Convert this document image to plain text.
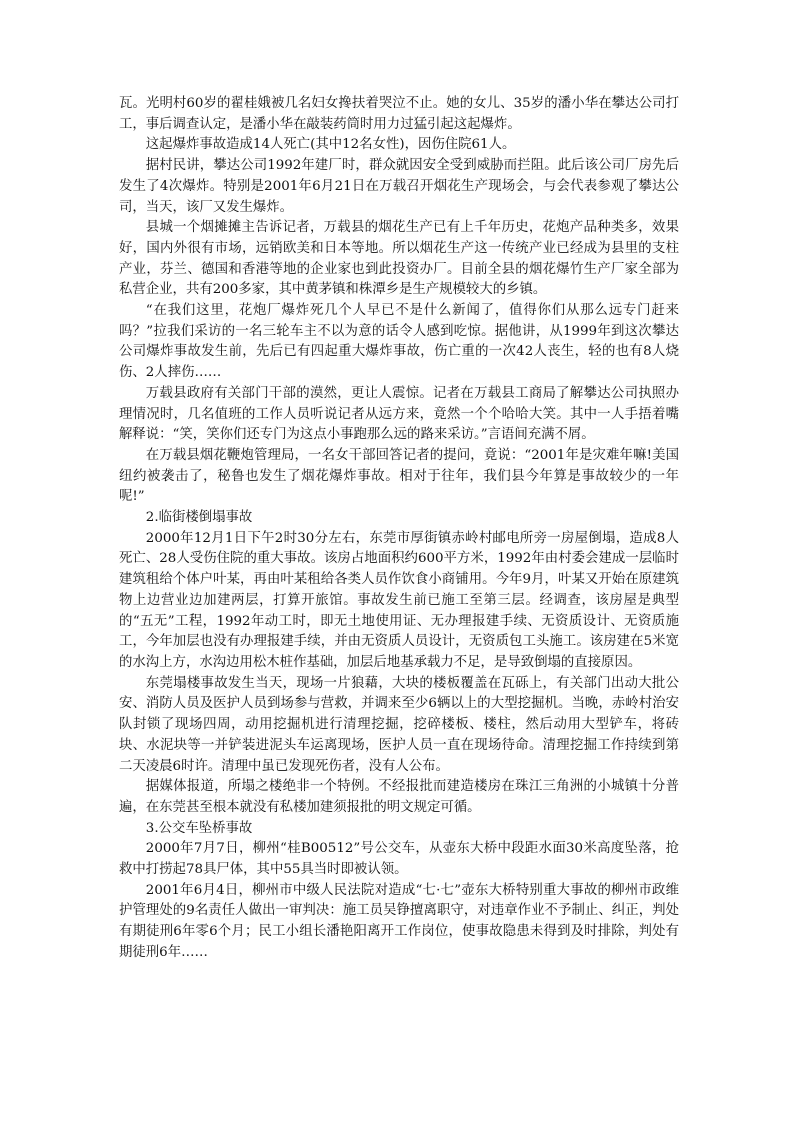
瓦。光明村60岁的翟桂娥被几名妇女搀扶着哭泣不止。她的女儿、35岁的潘小华在攀达公司打工，事后调查认定，是潘小华在敲装药筒时用力过猛引起这起爆炸。

这起爆炸事故造成14人死亡(其中12名女性)，因伤住院61人。

据村民讲，攀达公司1992年建厂时，群众就因安全受到威胁而拦阻。此后该公司厂房先后发生了4次爆炸。特别是2001年6月21日在万载召开烟花生产现场会，与会代表参观了攀达公司，当天，该厂又发生爆炸。

县城一个烟摊摊主告诉记者，万载县的烟花生产已有上千年历史，花炮产品种类多，效果好，国内外很有市场，远销欧美和日本等地。所以烟花生产这一传统产业已经成为县里的支柱产业，芬兰、德国和香港等地的企业家也到此投资办厂。目前全县的烟花爆竹生产厂家全部为私营企业，共有200多家，其中黄茅镇和株潭乡是生产规模较大的乡镇。

“在我们这里，花炮厂爆炸死几个人早已不是什么新闻了，值得你们从那么远专门赶来吗？”拉我们采访的一名三轮车主不以为意的话令人感到吃惊。据他讲，从1999年到这次攀达公司爆炸事故发生前，先后已有四起重大爆炸事故，伤亡重的一次42人丧生，轻的也有8人烧伤、2人摔伤……

万载县政府有关部门干部的漠然，更让人震惊。记者在万载县工商局了解攀达公司执照办理情况时，几名值班的工作人员听说记者从远方来，竟然一个个哈哈大笑。其中一人手捂着嘴解释说：“笑，笑你们还专门为这点小事跑那么远的路来采访。”言语间充满不屑。

在万载县烟花鞭炮管理局，一名女干部回答记者的提问，竟说：“2001年是灾难年嘛!美国纽约被袭击了，秘鲁也发生了烟花爆炸事故。相对于往年，我们县今年算是事故较少的一年呢!”

2.临街楼倒塌事故

2000年12月1日下午2时30分左右，东莞市厚街镇赤岭村邮电所旁一房屋倒塌，造成8人死亡、28人受伤住院的重大事故。该房占地面积约600平方米，1992年由村委会建成一层临时建筑租给个体户叶某，再由叶某租给各类人员作饮食小商铺用。今年9月，叶某又开始在原建筑物上边营业边加建两层，打算开旅馆。事故发生前已施工至第三层。经调查，该房屋是典型的“五无”工程，1992年动工时，即无土地使用证、无办理报建手续、无资质设计、无资质施工，今年加层也没有办理报建手续，并由无资质人员设计，无资质包工头施工。该房建在5米宽的水沟上方，水沟边用松木桩作基础，加层后地基承载力不足，是导致倒塌的直接原因。

东莞塌楼事故发生当天，现场一片狼藉，大块的楼板覆盖在瓦砾上，有关部门出动大批公安、消防人员及医护人员到场参与营救，并调来至少6辆以上的大型挖掘机。当晚，赤岭村治安队封锁了现场四周，动用挖掘机进行清理挖掘，挖碎楼板、楼柱，然后动用大型铲车，将砖块、水泥块等一并铲装进泥头车运离现场，医护人员一直在现场待命。清理挖掘工作持续到第二天凌晨6时许。清理中虽已发现死伤者，没有人公布。

据媒体报道，所塌之楼绝非一个特例。不经报批而建造楼房在珠江三角洲的小城镇十分普遍，在东莞甚至根本就没有私楼加建须报批的明文规定可循。

3.公交车坠桥事故

2000年7月7日，柳州“桂B00512”号公交车，从壶东大桥中段距水面30米高度坠落，抢救中打捞起78具尸体，其中55具当时即被认领。

2001年6月4日，柳州市中级人民法院对造成“七·七”壶东大桥特别重大事故的柳州市政维护管理处的9名责任人做出一审判决：施工员吴铮擅离职守，对违章作业不予制止、纠正，判处有期徒刑6年零6个月；民工小组长潘艳阳离开工作岗位，使事故隐患未得到及时排除，判处有期徒刑6年……
